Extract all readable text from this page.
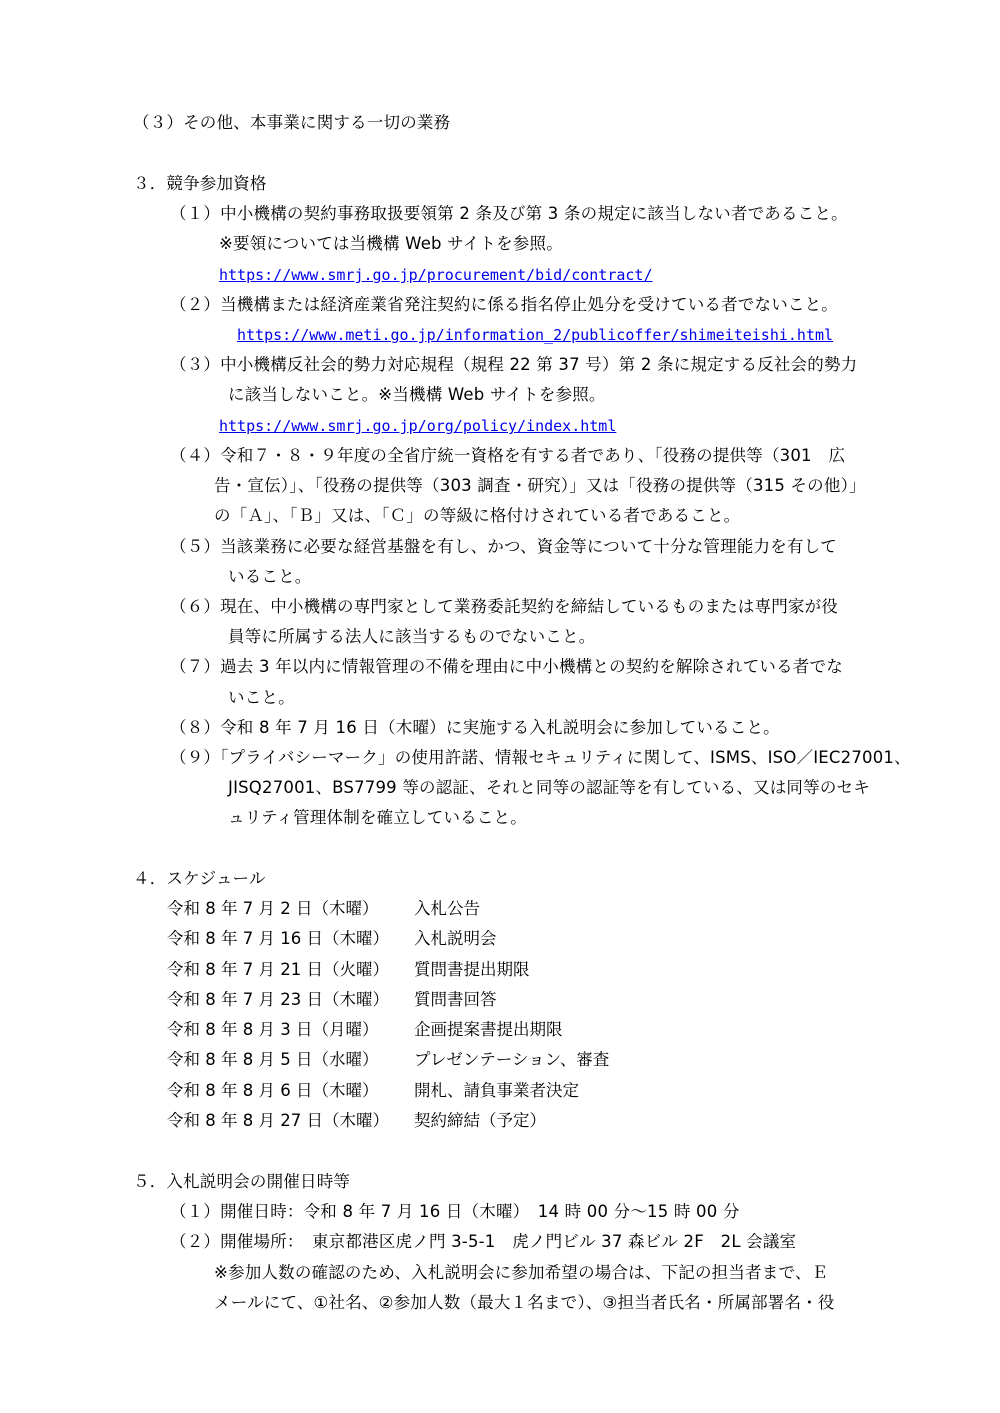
（３）その他、本事業に関する一切の業務
３．競争参加資格
（１）中小機構の契約事務取扱要領第 2 条及び第 3 条の規定に該当しない者であること。
※要領については当機構 Web サイトを参照。
https://www.smrj.go.jp/procurement/bid/contract/
（２）当機構または経済産業省発注契約に係る指名停止処分を受けている者でないこと。
https://www.meti.go.jp/information_2/publicoffer/shimeiteishi.html
（３）中小機構反社会的勢力対応規程（規程 22 第 37 号）第 2 条に規定する反社会的勢力
に該当しないこと。※当機構 Web サイトを参照。
https://www.smrj.go.jp/org/policy/index.html
（４）令和７・８・９年度の全省庁統一資格を有する者であり、「役務の提供等（301　広
告・宣伝）」、「役務の提供等（303 調査・研究）」又は「役務の提供等（315 その他）」
の「Ａ」、「Ｂ」又は、「Ｃ」の等級に格付けされている者であること。
（５）当該業務に必要な経営基盤を有し、かつ、資金等について十分な管理能力を有して
いること。
（６）現在、中小機構の専門家として業務委託契約を締結しているものまたは専門家が役
員等に所属する法人に該当するものでないこと。
（７）過去 3 年以内に情報管理の不備を理由に中小機構との契約を解除されている者でな
いこと。
（８）令和 8 年 7 月 16 日（木曜）に実施する入札説明会に参加していること。
（９）「プライバシーマーク」の使用許諾、情報セキュリティに関して、ISMS、ISO／IEC27001、
JISQ27001、BS7799 等の認証、それと同等の認証等を有している、又は同等のセキ
ュリティ管理体制を確立していること。
４．スケジュール
令和 8 年 7 月 2 日（木曜） 入札公告
令和 8 年 7 月 16 日（木曜） 入札説明会
令和 8 年 7 月 21 日（火曜） 質問書提出期限
令和 8 年 7 月 23 日（木曜） 質問書回答
令和 8 年 8 月 3 日（月曜） 企画提案書提出期限
令和 8 年 8 月 5 日（水曜） プレゼンテーション、審査
令和 8 年 8 月 6 日（木曜） 開札、請負事業者決定
令和 8 年 8 月 27 日（木曜） 契約締結（予定）
５．入札説明会の開催日時等
（１）開催日時：令和 8 年 7 月 16 日（木曜）　14 時 00 分～15 時 00 分
（２）開催場所：　東京都港区虎ノ門 3-5-1　虎ノ門ビル 37 森ビル 2F　2L 会議室
※参加人数の確認のため、入札説明会に参加希望の場合は、下記の担当者まで、Ｅ
メールにて、①社名、②参加人数（最大１名まで）、③担当者氏名・所属部署名・役
